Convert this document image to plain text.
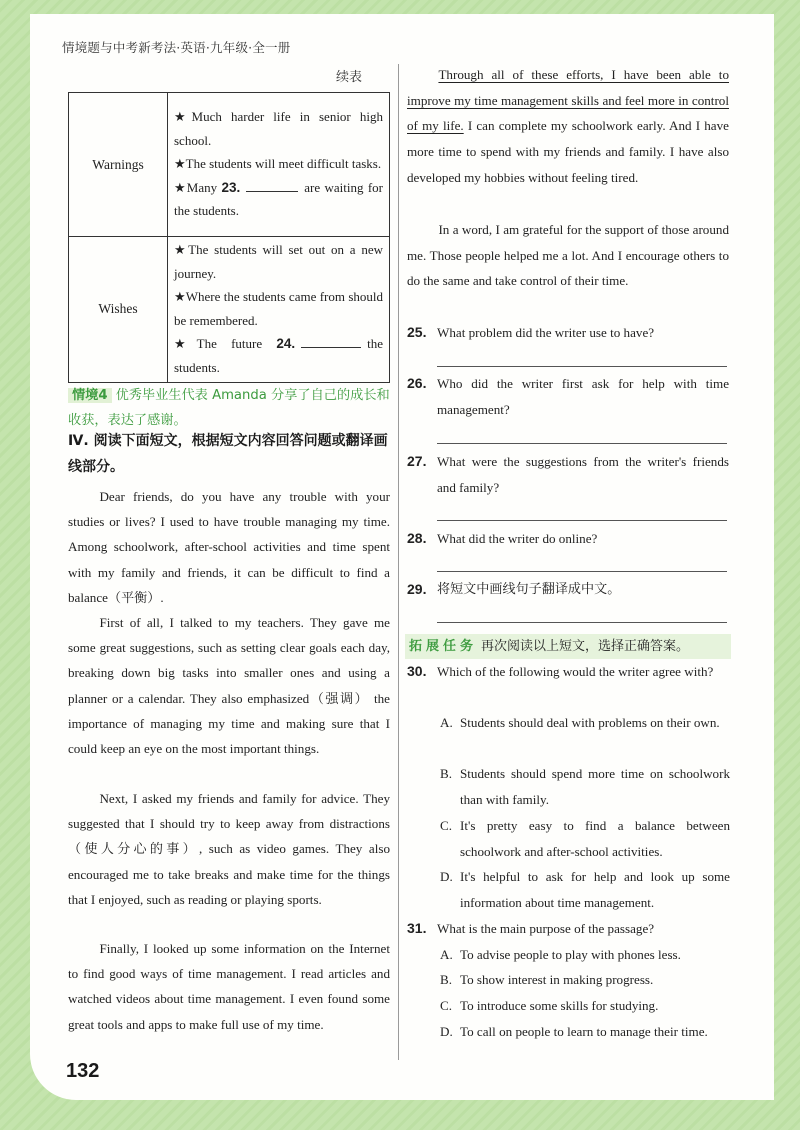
情境题与中考新考法·英语·九年级·全一册
续表
Warnings	★Much harder life in senior high school.
★The students will meet difficult tasks.
★Many 23. are waiting for the students.

Wishes	★The students will set out on a new journey.
★Where the students came from should be remembered.
★The future 24. the students.
情境4 优秀毕业生代表 Amanda 分享了自己的成长和收获，表达了感谢。
Ⅳ. 阅读下面短文，根据短文内容回答问题或翻译画线部分。

Dear friends, do you have any trouble with your studies or lives? I used to have trouble managing my time. Among schoolwork, after-school activities and time spent with my family and friends, it can be difficult to find a balance（平衡）.

First of all, I talked to my teachers. They gave me some great suggestions, such as setting clear goals each day, breaking down big tasks into smaller ones and using a planner or a calendar. They also emphasized（强调） the importance of managing my time and making sure that I could keep an eye on the most important things.

Next, I asked my friends and family for advice. They suggested that I should try to keep away from distractions（使人分心的事）, such as video games. They also encouraged me to take breaks and make time for the things that I enjoyed, such as reading or playing sports.

Finally, I looked up some information on the Internet to find good ways of time management. I read articles and watched videos about time management. I even found some great tools and apps to make full use of my time.

Through all of these efforts, I have been able to improve my time management skills and feel more in control of my life. I can complete my schoolwork early. And I have more time to spend with my friends and family. I have also developed my hobbies without feeling tired.

In a word, I am grateful for the support of those around me. Those people helped me a lot. And I encourage others to do the same and take control of their time.

25. What problem did the writer use to have?
26. Who did the writer first ask for help with time management?
27. What were the suggestions from the writer's friends and family?
28. What did the writer do online?
29. 将短文中画线句子翻译成中文。
拓展任务 再次阅读以上短文，选择正确答案。
30. Which of the following would the writer agree with?
A. Students should deal with problems on their own.
B. Students should spend more time on schoolwork than with family.
C. It's pretty easy to find a balance between schoolwork and after-school activities.
D. It's helpful to ask for help and look up some information about time management.
31. What is the main purpose of the passage?
A. To advise people to play with phones less.
B. To show interest in making progress.
C. To introduce some skills for studying.
D. To call on people to learn to manage their time.
132
